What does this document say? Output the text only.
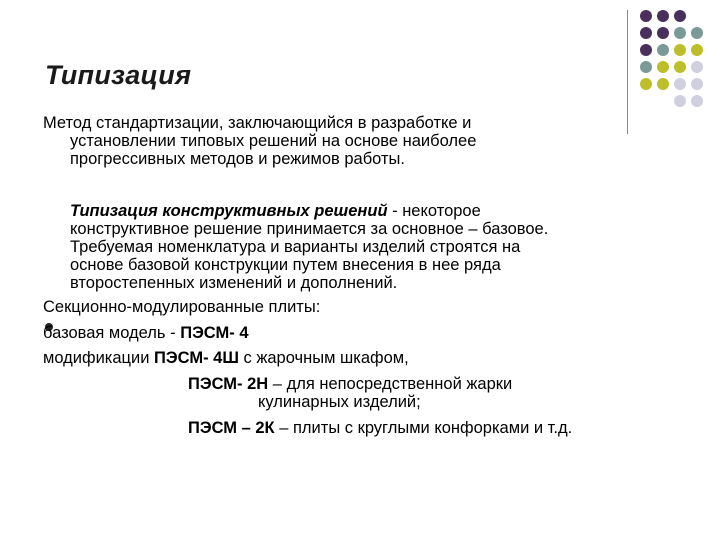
Типизация
Метод стандартизации, заключающийся в разработке и
установлении типовых решений на основе наиболее
прогрессивных методов и режимов работы.
Типизация конструктивных решений - некоторое
конструктивное решение принимается за основное – базовое.
Требуемая номенклатура и варианты изделий строятся на
основе базовой конструкции путем внесения в нее ряда
второстепенных изменений и дополнений.
Секционно-модулированные плиты:
базовая модель - ПЭСМ- 4
модификации ПЭСМ- 4Ш с жарочным шкафом,
ПЭСМ- 2Н – для непосредственной жарки
кулинарных изделий;
ПЭСМ – 2К – плиты с круглыми конфорками и т.д.
